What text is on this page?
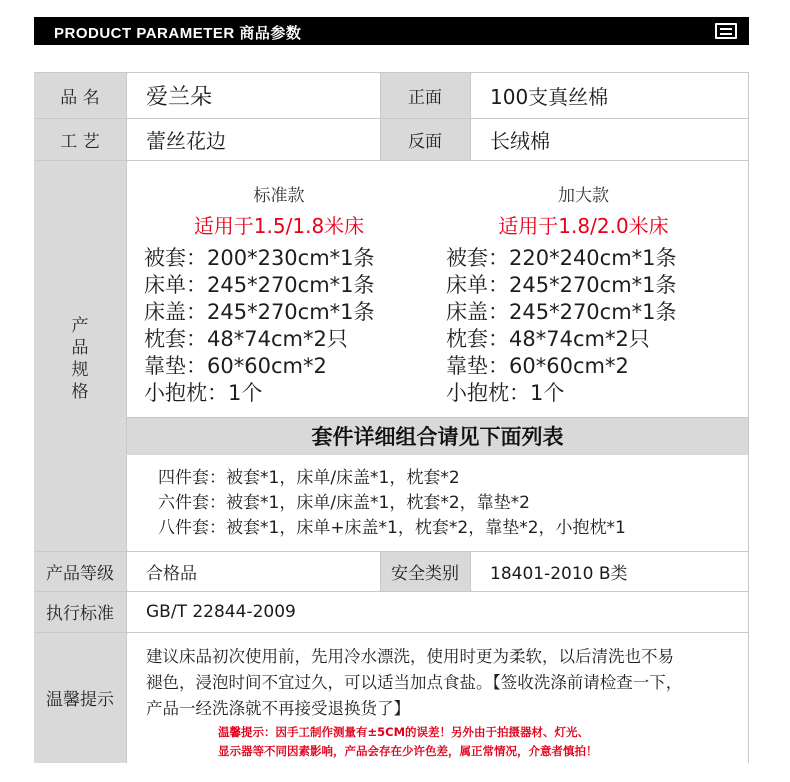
PRODUCT PARAMETER 商品参数
品 名	爱兰朵	正面	100支真丝棉
工 艺	蕾丝花边	反面	长绒棉
产品规格
标准款
适用于1.5/1.8米床
被套：200*230cm*1条
床单：245*270cm*1条
床盖：245*270cm*1条
枕套：48*74cm*2只
靠垫：60*60cm*2
小抱枕：1个
加大款
适用于1.8/2.0米床
被套：220*240cm*1条
床单：245*270cm*1条
床盖：245*270cm*1条
枕套：48*74cm*2只
靠垫：60*60cm*2
小抱枕：1个
套件详细组合请见下面列表
四件套：被套*1，床单/床盖*1，枕套*2
六件套：被套*1，床单/床盖*1，枕套*2，靠垫*2
八件套：被套*1，床单+床盖*1，枕套*2，靠垫*2，小抱枕*1
产品等级	合格品	安全类别	18401-2010 B类
执行标准	GB/T 22844-2009
温馨提示
建议床品初次使用前，先用冷水漂洗，使用时更为柔软，以后清洗也不易
褪色，浸泡时间不宜过久，可以适当加点食盐。【签收洗涤前请检查一下，
产品一经洗涤就不再接受退换货了】
温馨提示：因手工制作测量有±5CM的误差！另外由于拍摄器材、灯光、
显示器等不同因素影响，产品会存在少许色差，属正常情况，介意者慎拍！
